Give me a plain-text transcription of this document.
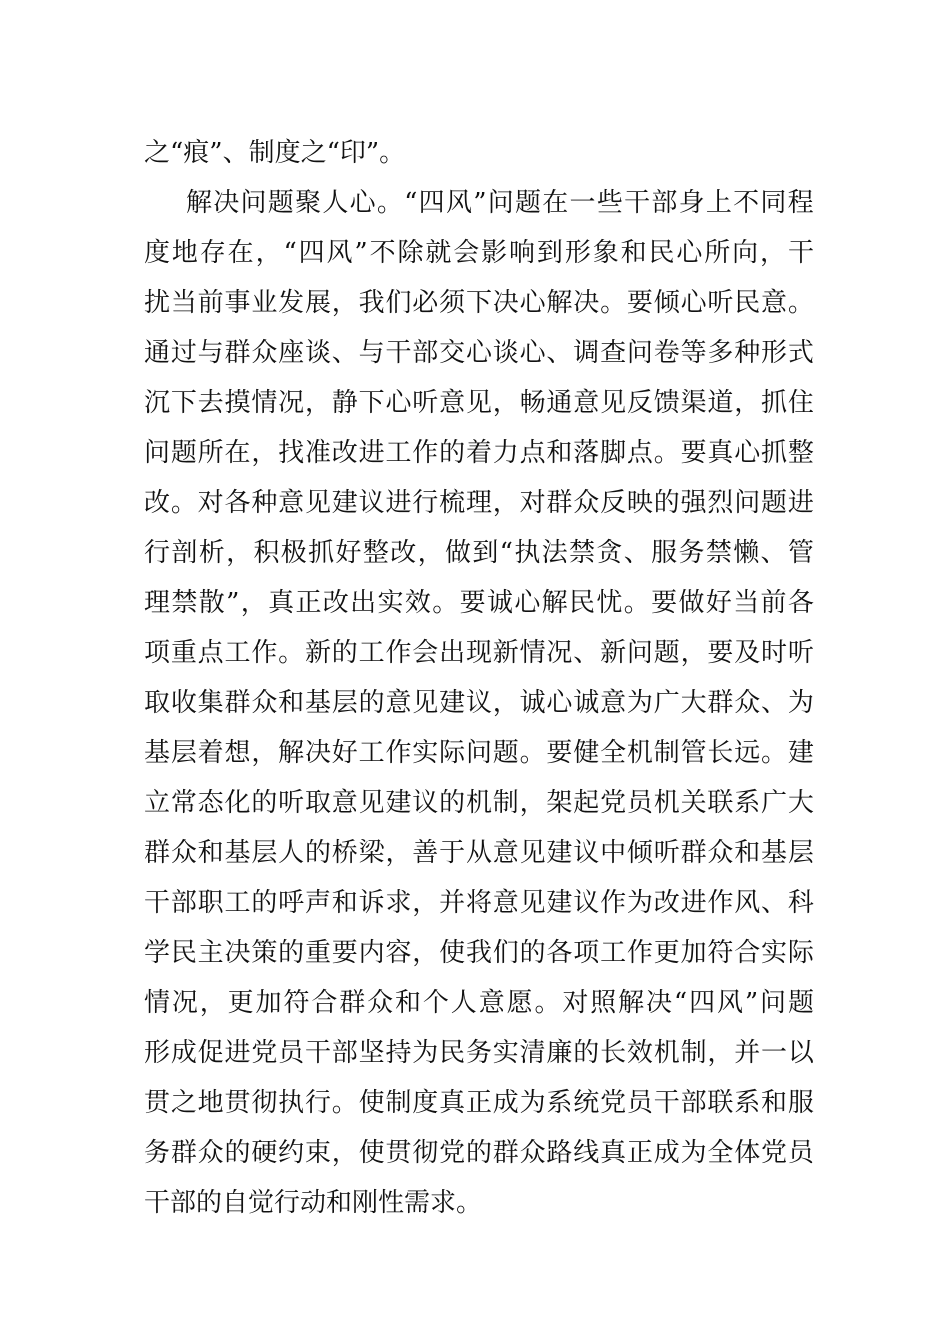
之“痕”、制度之“印”。
解 决 问 题 聚 人 心 。 “ 四 风 ” 问 题 在 一 些 干 部 身 上 不 同 程
度 地 存 在 ， “ 四 风 ” 不 除 就 会 影 响 到 形 象 和 民 心 所 向 ， 干
扰 当 前 事 业 发 展 ， 我 们 必 须 下 决 心 解 决 。 要 倾 心 听 民 意 。
通 过 与 群 众 座 谈 、 与 干 部 交 心 谈 心 、 调 查 问 卷 等 多 种 形 式
沉 下 去 摸 情 况 ， 静 下 心 听 意 见 ， 畅 通 意 见 反 馈 渠 道 ， 抓 住
问 题 所 在 ， 找 准 改 进 工 作 的 着 力 点 和 落 脚 点 。 要 真 心 抓 整
改 。 对 各 种 意 见 建 议 进 行 梳 理 ， 对 群 众 反 映 的 强 烈 问 题 进
行 剖 析 ， 积 极 抓 好 整 改 ， 做 到 “ 执 法 禁 贪 、 服 务 禁 懒 、 管
理 禁 散 ” ， 真 正 改 出 实 效 。 要 诚 心 解 民 忧 。 要 做 好 当 前 各
项 重 点 工 作 。 新 的 工 作 会 出 现 新 情 况 、 新 问 题 ， 要 及 时 听
取 收 集 群 众 和 基 层 的 意 见 建 议 ， 诚 心 诚 意 为 广 大 群 众 、 为
基 层 着 想 ， 解 决 好 工 作 实 际 问 题 。 要 健 全 机 制 管 长 远 。 建
立 常 态 化 的 听 取 意 见 建 议 的 机 制 ， 架 起 党 员 机 关 联 系 广 大
群 众 和 基 层 人 的 桥 梁 ， 善 于 从 意 见 建 议 中 倾 听 群 众 和 基 层
干 部 职 工 的 呼 声 和 诉 求 ， 并 将 意 见 建 议 作 为 改 进 作 风 、 科
学 民 主 决 策 的 重 要 内 容 ， 使 我 们 的 各 项 工 作 更 加 符 合 实 际
情 况 ， 更 加 符 合 群 众 和 个 人 意 愿 。 对 照 解 决 “ 四 风 ” 问 题
形 成 促 进 党 员 干 部 坚 持 为 民 务 实 清 廉 的 长 效 机 制 ， 并 一 以
贯 之 地 贯 彻 执 行 。 使 制 度 真 正 成 为 系 统 党 员 干 部 联 系 和 服
务 群 众 的 硬 约 束 ， 使 贯 彻 党 的 群 众 路 线 真 正 成 为 全 体 党 员
干部的自觉行动和刚性需求。
